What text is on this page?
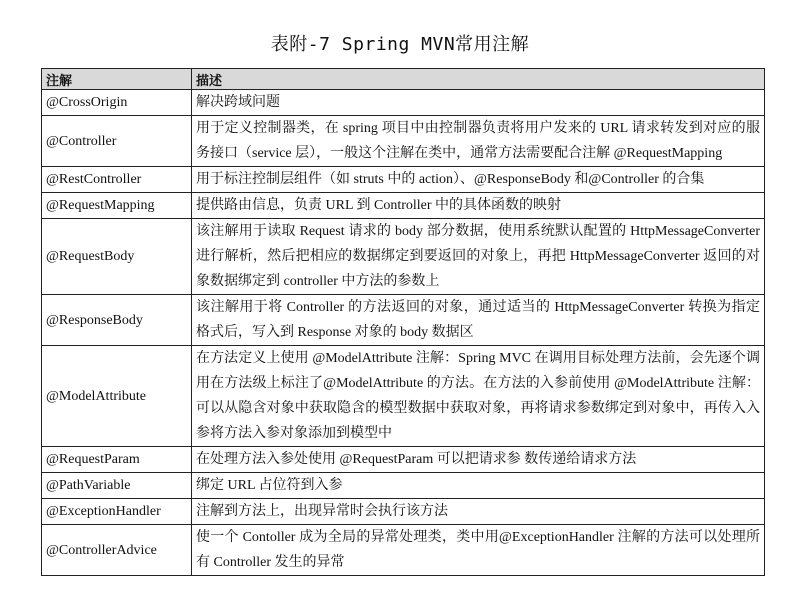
表附-7 Spring MVN常用注解
注解	描述
@CrossOrigin	解决跨域问题
@Controller	用于定义控制器类，在 spring 项目中由控制器负责将用户发来的 URL 请求转发到对应的服务接口（service 层），一般这个注解在类中，通常方法需要配合注解 @RequestMapping
@RestController	用于标注控制层组件（如 struts 中的 action）、@ResponseBody 和@Controller 的合集
@RequestMapping	提供路由信息，负责 URL 到 Controller 中的具体函数的映射
@RequestBody	该注解用于读取 Request 请求的 body 部分数据，使用系统默认配置的 HttpMessageConverter 进行解析，然后把相应的数据绑定到要返回的对象上，再把 HttpMessageConverter 返回的对象数据绑定到 controller 中方法的参数上
@ResponseBody	该注解用于将 Controller 的方法返回的对象，通过适当的 HttpMessageConverter 转换为指定格式后，写入到 Response 对象的 body 数据区
@ModelAttribute	在方法定义上使用 @ModelAttribute 注解：Spring MVC 在调用目标处理方法前，会先逐个调用在方法级上标注了@ModelAttribute 的方法。在方法的入参前使用 @ModelAttribute 注解：可以从隐含对象中获取隐含的模型数据中获取对象，再将请求参数绑定到对象中，再传入入参将方法入参对象添加到模型中
@RequestParam	在处理方法入参处使用 @RequestParam 可以把请求参 数传递给请求方法
@PathVariable	绑定 URL 占位符到入参
@ExceptionHandler	注解到方法上，出现异常时会执行该方法
@ControllerAdvice	使一个 Contoller 成为全局的异常处理类，类中用@ExceptionHandler 注解的方法可以处理所有 Controller 发生的异常
